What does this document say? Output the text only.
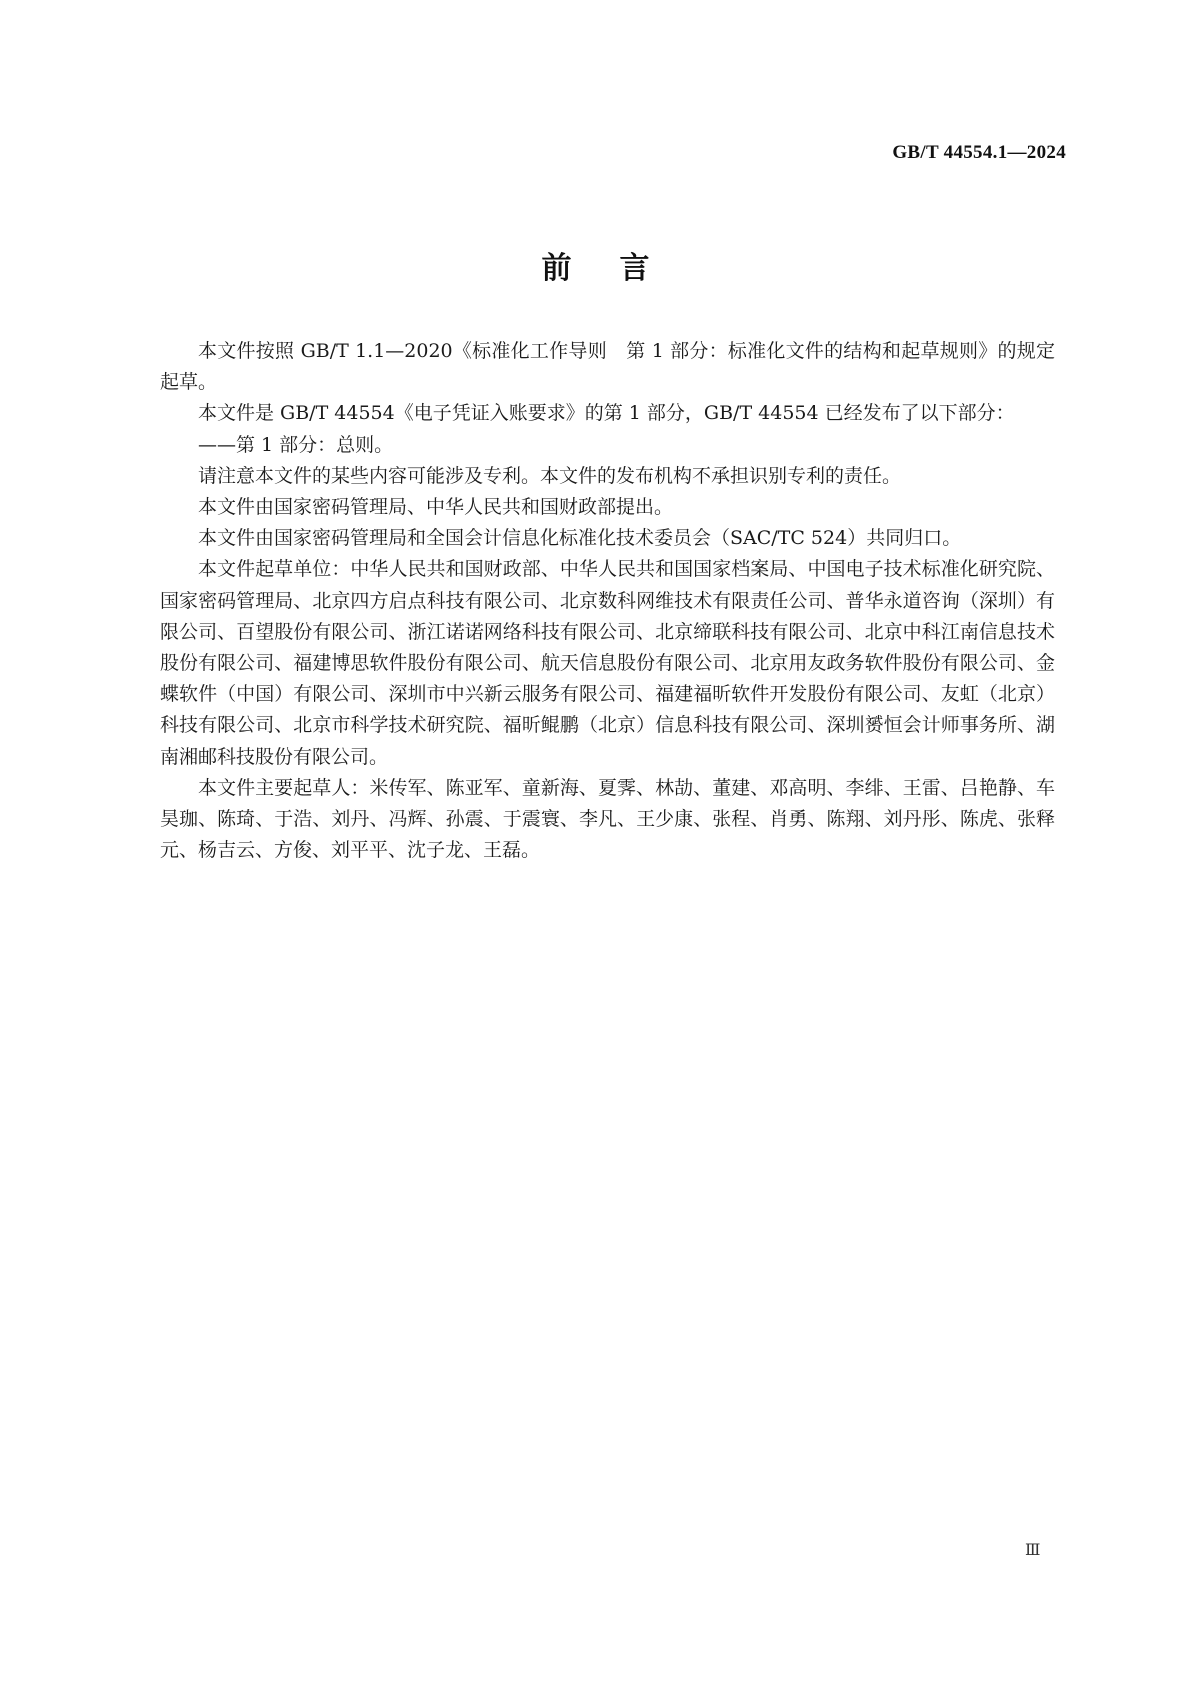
GB/T 44554.1—2024
前言

本文件按照 GB/T 1.1—2020《标准化工作导则　第 1 部分：标准化文件的结构和起草规则》的规定起草。

本文件是 GB/T 44554《电子凭证入账要求》的第 1 部分，GB/T 44554 已经发布了以下部分：

——第 1 部分：总则。

请注意本文件的某些内容可能涉及专利。本文件的发布机构不承担识别专利的责任。

本文件由国家密码管理局、中华人民共和国财政部提出。

本文件由国家密码管理局和全国会计信息化标准化技术委员会（SAC/TC 524）共同归口。

本文件起草单位：中华人民共和国财政部、中华人民共和国国家档案局、中国电子技术标准化研究院、国家密码管理局、北京四方启点科技有限公司、北京数科网维技术有限责任公司、普华永道咨询（深圳）有限公司、百望股份有限公司、浙江诺诺网络科技有限公司、北京缔联科技有限公司、北京中科江南信息技术股份有限公司、福建博思软件股份有限公司、航天信息股份有限公司、北京用友政务软件股份有限公司、金蝶软件（中国）有限公司、深圳市中兴新云服务有限公司、福建福昕软件开发股份有限公司、友虹（北京）科技有限公司、北京市科学技术研究院、福昕鲲鹏（北京）信息科技有限公司、深圳赟恒会计师事务所、湖南湘邮科技股份有限公司。

本文件主要起草人：米传军、陈亚军、童新海、夏霁、林劼、董建、邓高明、李绯、王雷、吕艳静、车昊珈、陈琦、于浩、刘丹、冯辉、孙震、于震寰、李凡、王少康、张程、肖勇、陈翔、刘丹彤、陈虎、张释元、杨吉云、方俊、刘平平、沈子龙、王磊。

Ⅲ
